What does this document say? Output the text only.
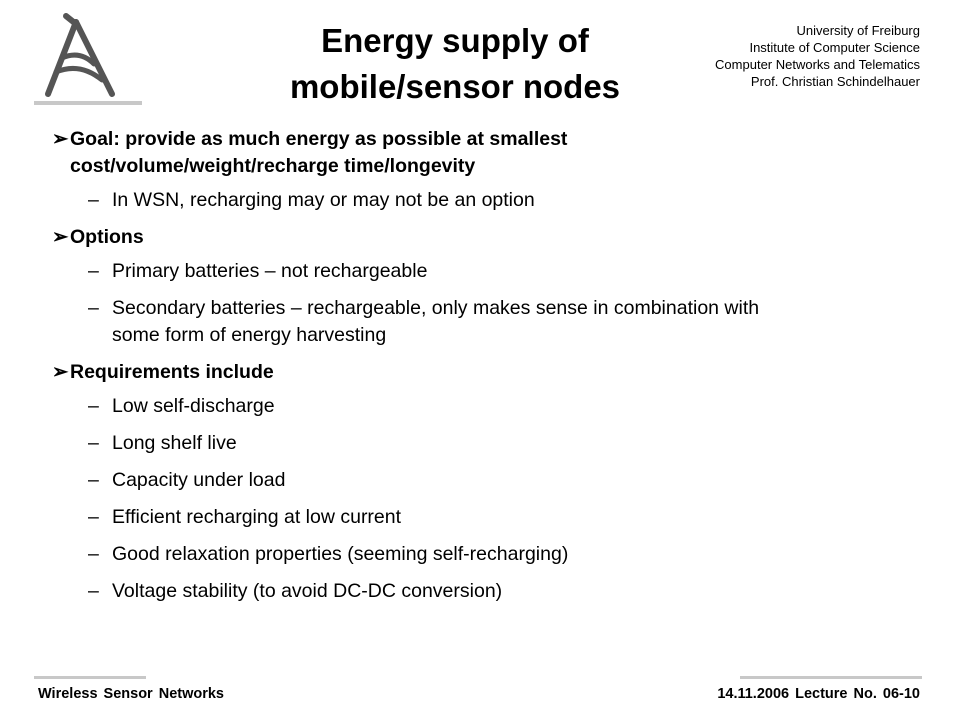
Energy supply of
mobile/sensor nodes
University of Freiburg
Institute of Computer Science
Computer Networks and Telematics
Prof. Christian Schindelhauer
➢ Goal: provide as much energy as possible at smallest
cost/volume/weight/recharge time/longevity
– In WSN, recharging may or may not be an option
➢ Options
– Primary batteries – not rechargeable
– Secondary batteries – rechargeable, only makes sense in combination with
some form of energy harvesting
➢ Requirements include
– Low self-discharge
– Long shelf live
– Capacity under load
– Efficient recharging at low current
– Good relaxation properties (seeming self-recharging)
– Voltage stability (to avoid DC-DC conversion)
Wireless Sensor Networks	14.11.2006 Lecture No. 06-10
